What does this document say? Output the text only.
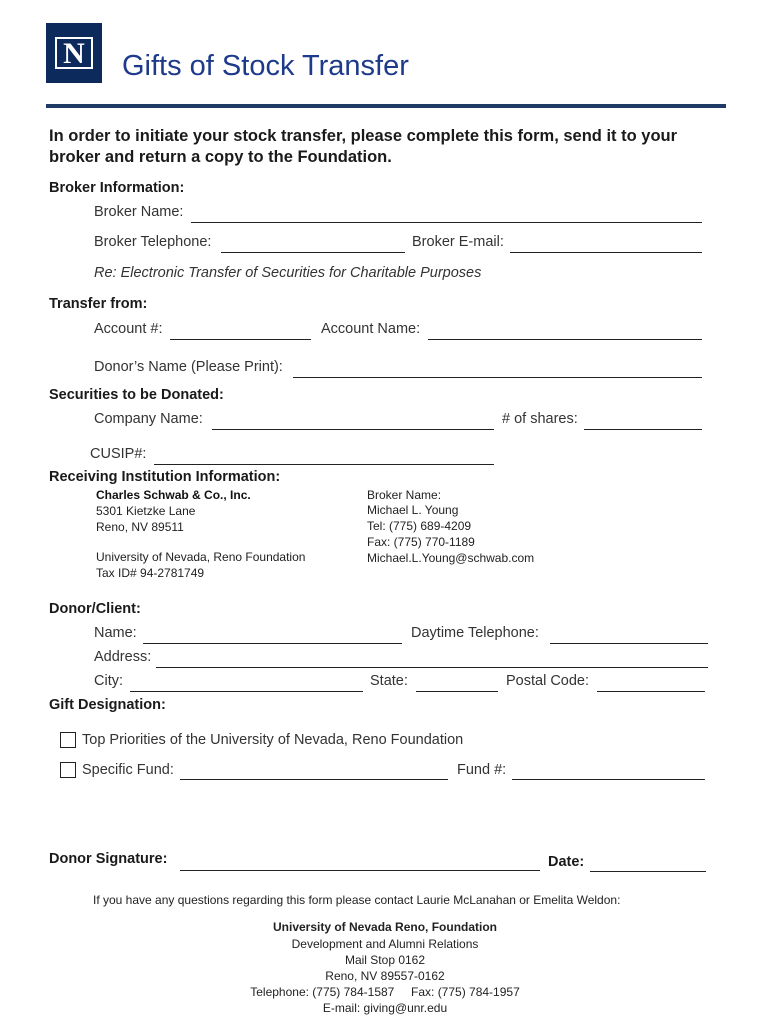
N Gifts of Stock Transfer
In order to initiate your stock transfer, please complete this form, send it to your broker and return a copy to the Foundation.
Broker Information:
Broker Name:
Broker Telephone:	Broker E-mail:
Re: Electronic Transfer of Securities for Charitable Purposes
Transfer from:
Account #:	Account Name:
Donor’s Name (Please Print):
Securities to be Donated:
Company Name:	# of shares:
CUSIP#:
Receiving Institution Information:
Charles Schwab & Co., Inc.
5301 Kietzke Lane
Reno, NV 89511
University of Nevada, Reno Foundation
Tax ID# 94-2781749
Broker Name:
Michael L. Young
Tel: (775) 689-4209
Fax: (775) 770-1189
Michael.L.Young@schwab.com
Donor/Client:
Name:	Daytime Telephone:
Address:
City:	State:	Postal Code:
Gift Designation:
Top Priorities of the University of Nevada, Reno Foundation
Specific Fund:	Fund #:
Donor Signature:	Date:
If you have any questions regarding this form please contact Laurie McLanahan or Emelita Weldon:
University of Nevada Reno, Foundation
Development and Alumni Relations
Mail Stop 0162
Reno, NV 89557-0162
Telephone: (775) 784-1587     Fax: (775) 784-1957
E-mail: giving@unr.edu
